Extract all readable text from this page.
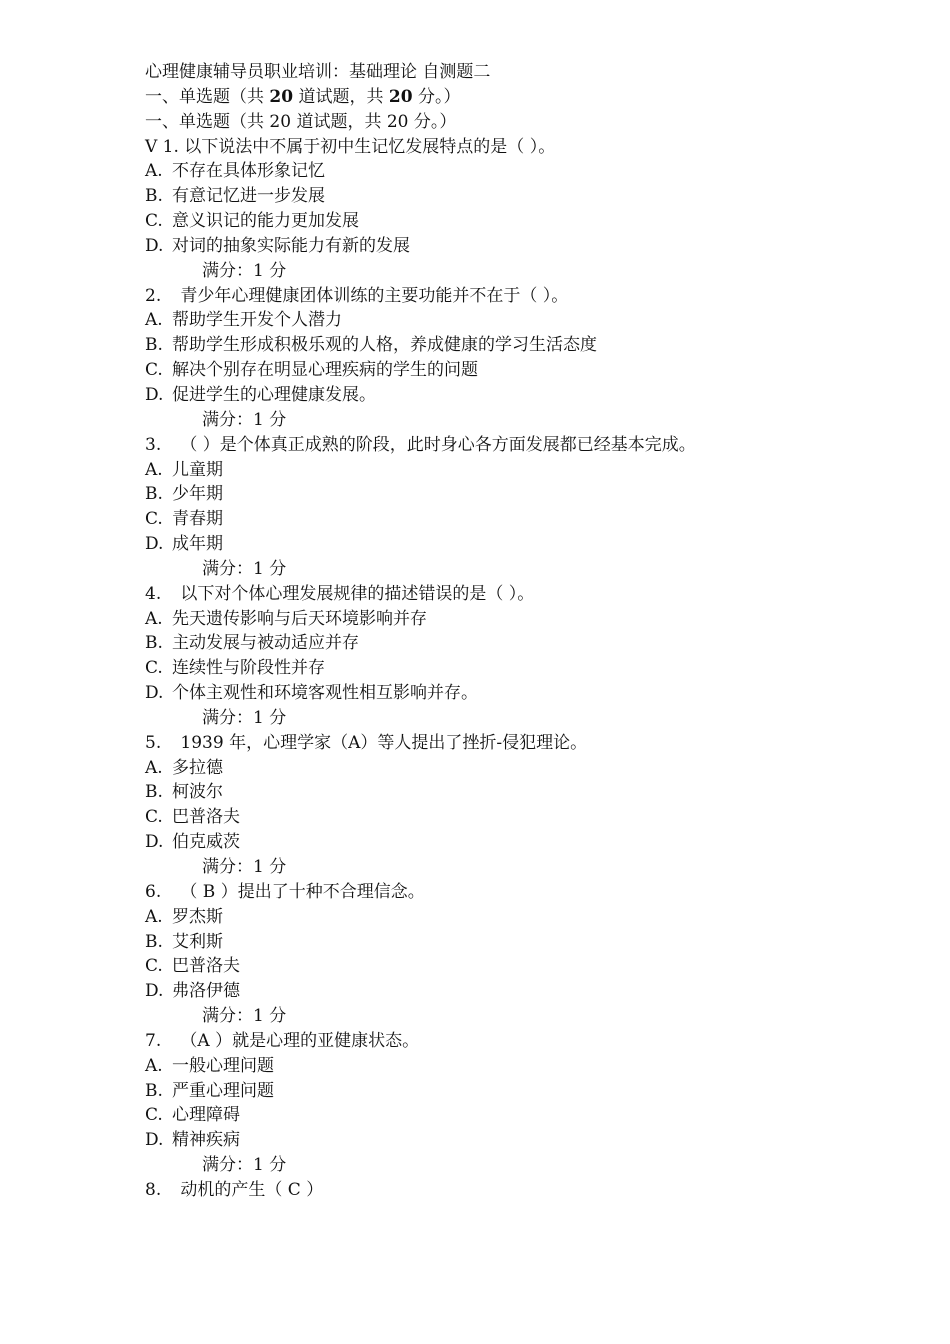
心理健康辅导员职业培训：基础理论 自测题二
一、单选题（共 20 道试题，共 20 分。）
一、单选题（共 20 道试题，共 20 分。）
V 1. 以下说法中不属于初中生记忆发展特点的是（ ）。
A. 不存在具体形象记忆
B. 有意记忆进一步发展
C. 意义识记的能力更加发展
D. 对词的抽象实际能力有新的发展
满分：1 分
2. 青少年心理健康团体训练的主要功能并不在于（ ）。
A. 帮助学生开发个人潜力
B. 帮助学生形成积极乐观的人格，养成健康的学习生活态度
C. 解决个别存在明显心理疾病的学生的问题
D. 促进学生的心理健康发展。
满分：1 分
3. （ ）是个体真正成熟的阶段，此时身心各方面发展都已经基本完成。
A. 儿童期
B. 少年期
C. 青春期
D. 成年期
满分：1 分
4. 以下对个体心理发展规律的描述错误的是（ ）。
A. 先天遗传影响与后天环境影响并存
B. 主动发展与被动适应并存
C. 连续性与阶段性并存
D. 个体主观性和环境客观性相互影响并存。
满分：1 分
5. 1939 年，心理学家（A）等人提出了挫折-侵犯理论。
A. 多拉德
B. 柯波尔
C. 巴普洛夫
D. 伯克威茨
满分：1 分
6. （ B ）提出了十种不合理信念。
A. 罗杰斯
B. 艾利斯
C. 巴普洛夫
D. 弗洛伊德
满分：1 分
7. （A ）就是心理的亚健康状态。
A. 一般心理问题
B. 严重心理问题
C. 心理障碍
D. 精神疾病
满分：1 分
8. 动机的产生（ C ）
